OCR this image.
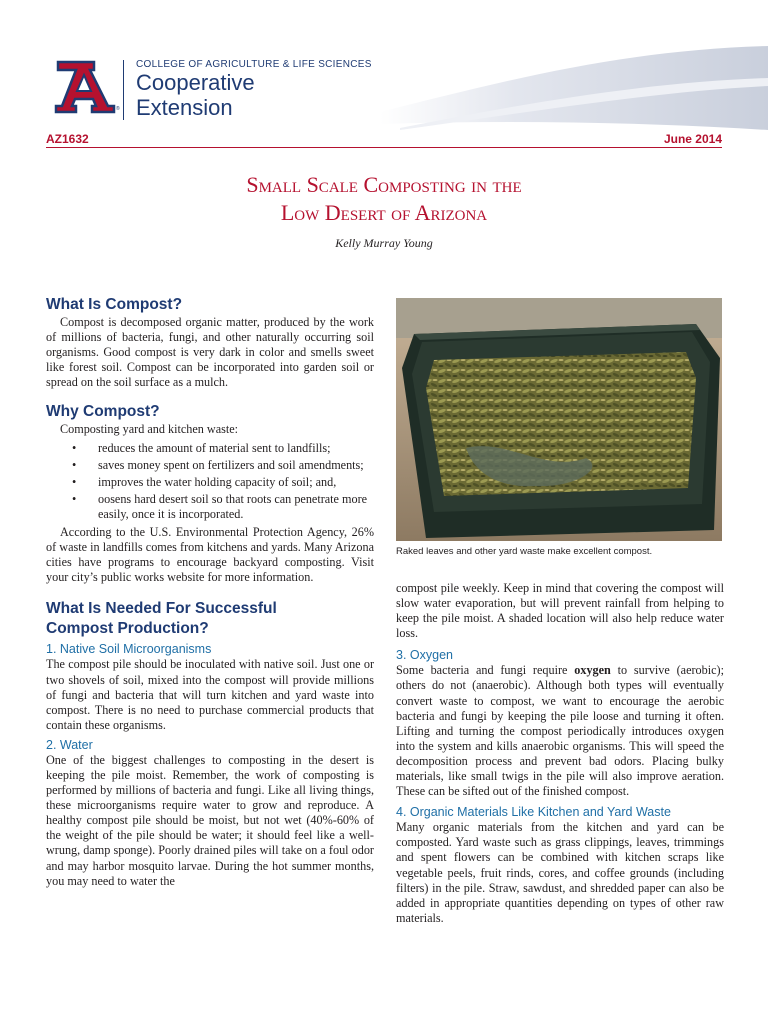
®
COLLEGE OF AGRICULTURE & LIFE SCIENCES
Cooperative
Extension
AZ1632	June 2014
Small Scale Composting in the
Low Desert of Arizona
Kelly Murray Young
What Is Compost?

Compost is decomposed organic matter, produced by the work of millions of bacteria, fungi, and other naturally occurring soil organisms. Good compost is very dark in color and smells sweet like forest soil. Compost can be incorporated into garden soil or spread on the soil surface as a mulch.

Why Compost?

Composting yard and kitchen waste:

• reduces the amount of material sent to landfills;
• saves money spent on fertilizers and soil amendments;
• improves the water holding capacity of soil; and,
• oosens hard desert soil so that roots can penetrate more easily, once it is incorporated.

According to the U.S. Environmental Protection Agency, 26% of waste in landfills comes from kitchens and yards. Many Arizona cities have programs to encourage backyard composting. Visit your city’s public works website for more information.

What Is Needed For Successful
Compost Production?
1. Native Soil Microorganisms

The compost pile should be inoculated with native soil. Just one or two shovels of soil, mixed into the compost will provide millions of fungi and bacteria that will turn kitchen and yard waste into compost. There is no need to purchase commercial products that contain these organisms.

2. Water

One of the biggest challenges to composting in the desert is keeping the pile moist. Remember, the work of composting is performed by millions of bacteria and fungi. Like all living things, these microorganisms require water to grow and reproduce. A healthy compost pile should be moist, but not wet (40%-60% of the weight of the pile should be water; it should feel like a well-wrung, damp sponge). Poorly drained piles will take on a foul odor and may harbor mosquito larvae. During the hot summer months, you may need to water the

Raked leaves and other yard waste make excellent compost.

compost pile weekly. Keep in mind that covering the compost will slow water evaporation, but will prevent rainfall from helping to keep the pile moist. A shaded location will also help reduce water loss.

3. Oxygen

Some bacteria and fungi require oxygen to survive (aerobic); others do not (anaerobic). Although both types will eventually convert waste to compost, we want to encourage the aerobic bacteria and fungi by keeping the pile loose and turning it often. Lifting and turning the compost periodically introduces oxygen into the system and kills anaerobic organisms. This will speed the decomposition process and prevent bad odors. Placing bulky materials, like small twigs in the pile will also improve aeration. These can be sifted out of the finished compost.

4. Organic Materials Like Kitchen and Yard Waste

Many organic materials from the kitchen and yard can be composted. Yard waste such as grass clippings, leaves, trimmings and spent flowers can be combined with kitchen scraps like vegetable peels, fruit rinds, cores, and coffee grounds (including filters) in the pile. Straw, sawdust, and shredded paper can also be added in appropriate quantities depending on types of other raw materials.
